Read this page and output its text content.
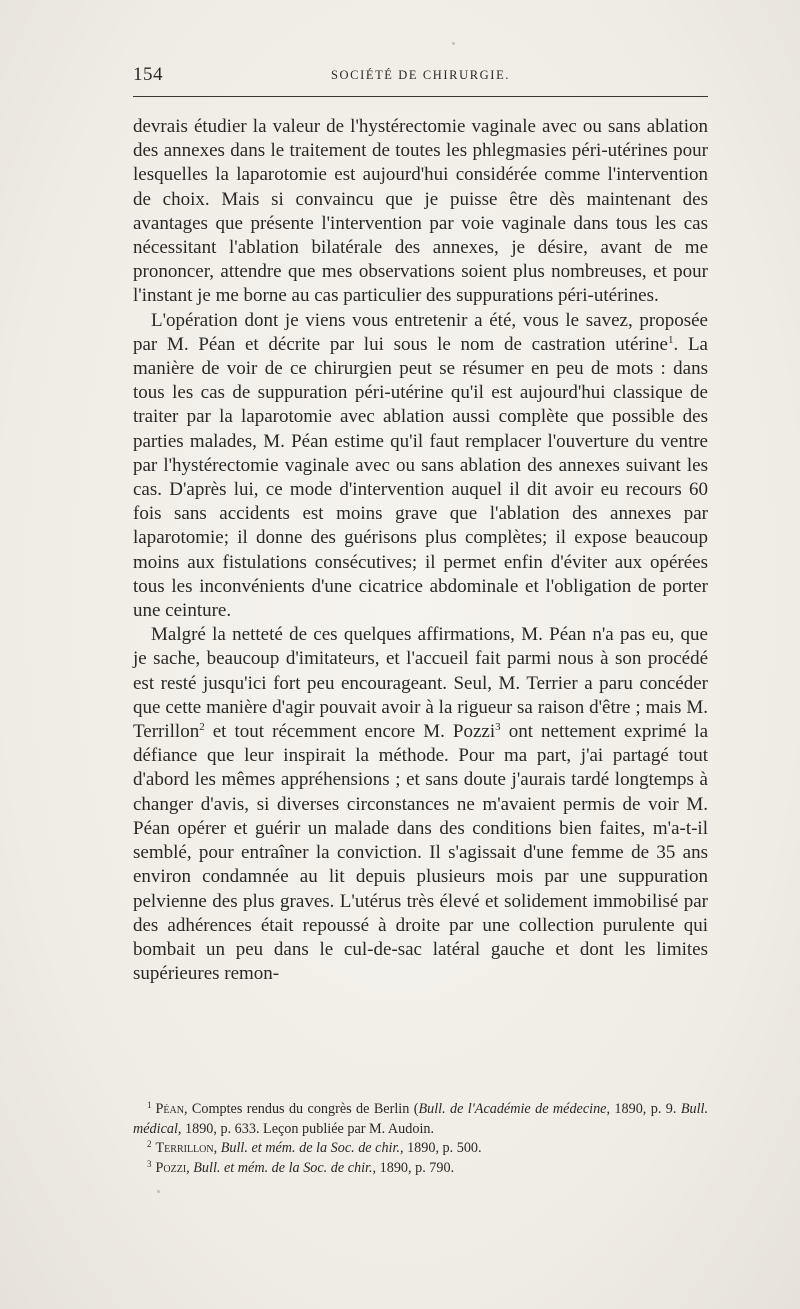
154	SOCIÉTÉ DE CHIRURGIE.

devrais étudier la valeur de l'hystérectomie vaginale avec ou sans ablation des annexes dans le traitement de toutes les phlegmasies péri-utérines pour lesquelles la laparotomie est aujourd'hui considérée comme l'intervention de choix. Mais si convaincu que je puisse être dès maintenant des avantages que présente l'intervention par voie vaginale dans tous les cas nécessitant l'ablation bilatérale des annexes, je désire, avant de me prononcer, attendre que mes observations soient plus nombreuses, et pour l'instant je me borne au cas particulier des suppurations péri-utérines.

L'opération dont je viens vous entretenir a été, vous le savez, proposée par M. Péan et décrite par lui sous le nom de castration utérine$^1$. La manière de voir de ce chirurgien peut se résumer en peu de mots : dans tous les cas de suppuration péri-utérine qu'il est aujourd'hui classique de traiter par la laparotomie avec ablation aussi complète que possible des parties malades, M. Péan estime qu'il faut remplacer l'ouverture du ventre par l'hystérectomie vaginale avec ou sans ablation des annexes suivant les cas. D'après lui, ce mode d'intervention auquel il dit avoir eu recours 60 fois sans accidents est moins grave que l'ablation des annexes par laparotomie; il donne des guérisons plus complètes; il expose beaucoup moins aux fistulations consécutives; il permet enfin d'éviter aux opérées tous les inconvénients d'une cicatrice abdominale et l'obligation de porter une ceinture.

Malgré la netteté de ces quelques affirmations, M. Péan n'a pas eu, que je sache, beaucoup d'imitateurs, et l'accueil fait parmi nous à son procédé est resté jusqu'ici fort peu encourageant. Seul, M. Terrier a paru concéder que cette manière d'agir pouvait avoir à la rigueur sa raison d'être ; mais M. Terrillon$^2$ et tout récemment encore M. Pozzi$^3$ ont nettement exprimé la défiance que leur inspirait la méthode. Pour ma part, j'ai partagé tout d'abord les mêmes appréhensions ; et sans doute j'aurais tardé longtemps à changer d'avis, si diverses circonstances ne m'avaient permis de voir M. Péan opérer et guérir un malade dans des conditions bien faites, m'a-t-il semblé, pour entraîner la conviction. Il s'agissait d'une femme de 35 ans environ condamnée au lit depuis plusieurs mois par une suppuration pelvienne des plus graves. L'utérus très élevé et solidement immobilisé par des adhérences était repoussé à droite par une collection purulente qui bombait un peu dans le cul-de-sac latéral gauche et dont les limites supérieures remon-

$^1$ Péan, Comptes rendus du congrès de Berlin (Bull. de l'Académie de médecine, 1890, p. 9. Bull. médical, 1890, p. 633. Leçon publiée par M. Audoin.

$^2$ Terrillon, Bull. et mém. de la Soc. de chir., 1890, p. 500.

$^3$ Pozzi, Bull. et mém. de la Soc. de chir., 1890, p. 790.
